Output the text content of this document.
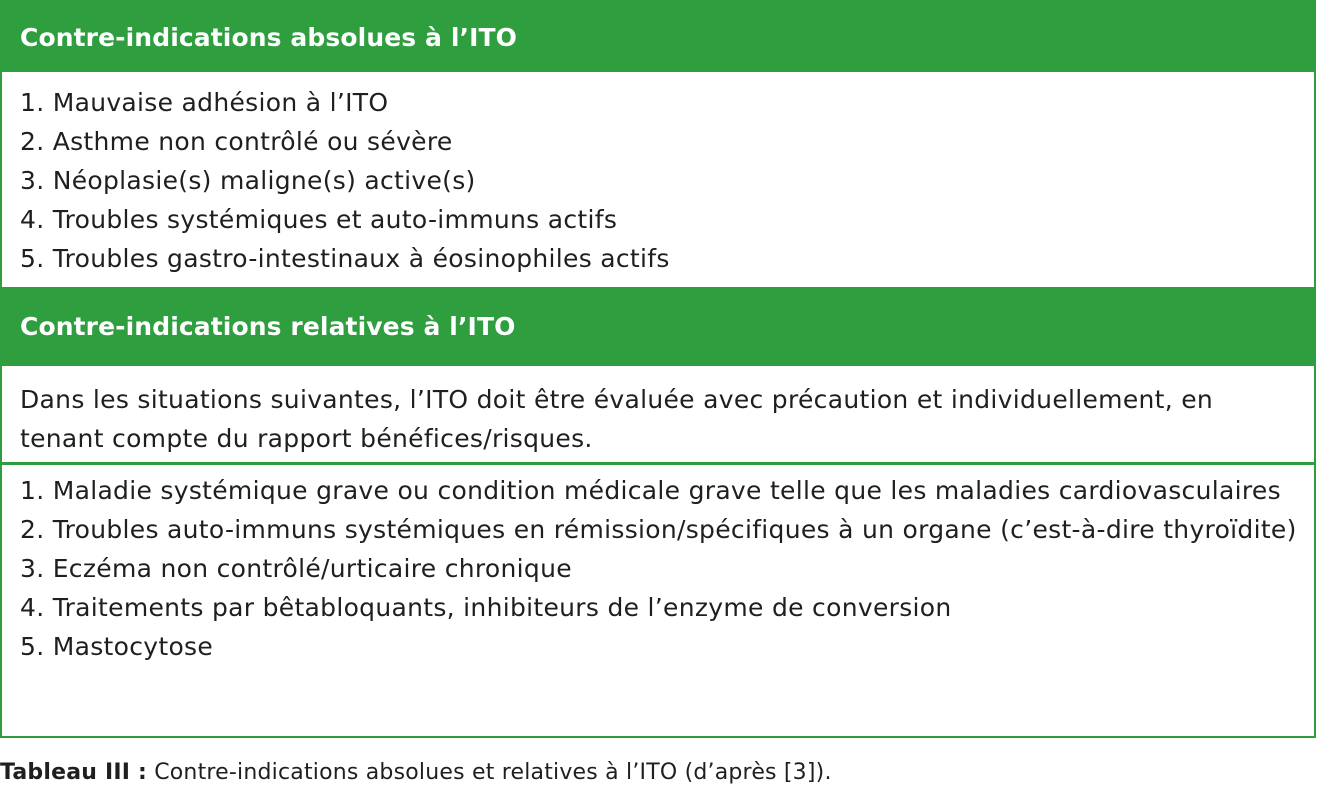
Contre-indications absolues à l’ITO
1. Mauvaise adhésion à l’ITO
2. Asthme non contrôlé ou sévère
3. Néoplasie(s) maligne(s) active(s)
4. Troubles systémiques et auto-immuns actifs
5. Troubles gastro-intestinaux à éosinophiles actifs
Contre-indications relatives à l’ITO
Dans les situations suivantes, l’ITO doit être évaluée avec précaution et individuellement, en tenant compte du rapport bénéfices/risques.
1. Maladie systémique grave ou condition médicale grave telle que les maladies cardiovasculaires
2. Troubles auto-immuns systémiques en rémission/spécifiques à un organe (c’est-à-dire thyroïdite)
3. Eczéma non contrôlé/urticaire chronique
4. Traitements par bêtabloquants, inhibiteurs de l’enzyme de conversion
5. Mastocytose
Tableau III : Contre-indications absolues et relatives à l’ITO (d’après [3]).
